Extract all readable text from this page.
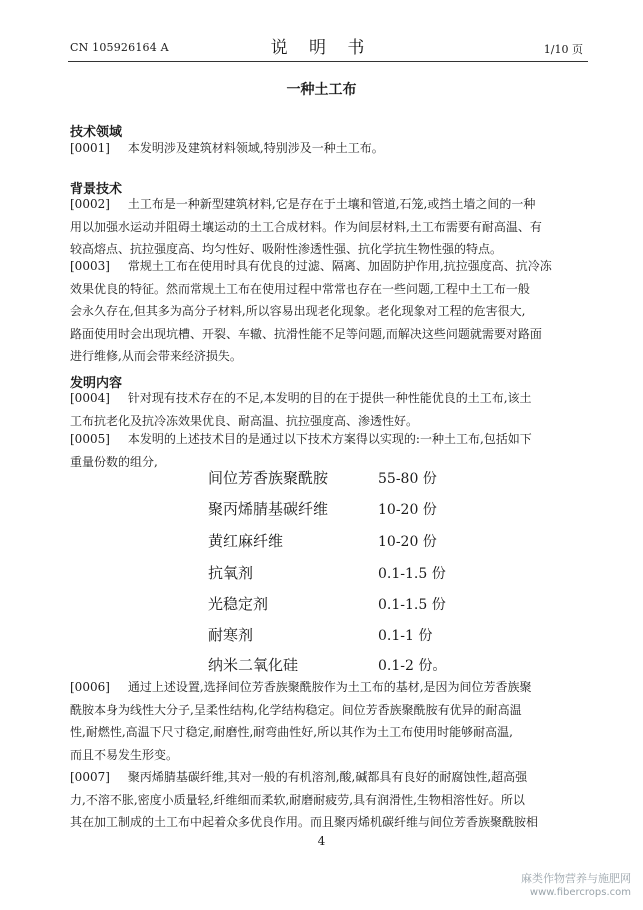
CN 105926164 A	说 明 书	1/10 页
一种土工布
技术领域
[0001] 本发明涉及建筑材料领域,特别涉及一种土工布。
背景技术
[0002] 土工布是一种新型建筑材料,它是存在于土壤和管道,石笼,或挡土墙之间的一种
用以加强水运动并阻碍土壤运动的土工合成材料。作为间层材料,土工布需要有耐高温、有
较高熔点、抗拉强度高、均匀性好、吸附性渗透性强、抗化学抗生物性强的特点。
[0003] 常规土工布在使用时具有优良的过滤、隔离、加固防护作用,抗拉强度高、抗冷冻
效果优良的特征。然而常规土工布在使用过程中常常也存在一些问题,工程中土工布一般
会永久存在,但其多为高分子材料,所以容易出现老化现象。老化现象对工程的危害很大,
路面使用时会出现坑槽、开裂、车辙、抗滑性能不足等问题,而解决这些问题就需要对路面
进行维修,从而会带来经济损失。
发明内容
[0004] 针对现有技术存在的不足,本发明的目的在于提供一种性能优良的土工布,该土
工布抗老化及抗冷冻效果优良、耐高温、抗拉强度高、渗透性好。
[0005] 本发明的上述技术目的是通过以下技术方案得以实现的:一种土工布,包括如下
重量份数的组分,
间位芳香族聚酰胺	55-80 份
聚丙烯腈基碳纤维	10-20 份
黄红麻纤维	10-20 份
抗氧剂	0.1-1.5 份
光稳定剂	0.1-1.5 份
耐寒剂	0.1-1 份
纳米二氧化硅	0.1-2 份。
[0006] 通过上述设置,选择间位芳香族聚酰胺作为土工布的基材,是因为间位芳香族聚
酰胺本身为线性大分子,呈柔性结构,化学结构稳定。间位芳香族聚酰胺有优异的耐高温
性,耐燃性,高温下尺寸稳定,耐磨性,耐弯曲性好,所以其作为土工布使用时能够耐高温,
而且不易发生形变。
[0007] 聚丙烯腈基碳纤维,其对一般的有机溶剂,酸,碱都具有良好的耐腐蚀性,超高强
力,不溶不胀,密度小质量轻,纤维细而柔软,耐磨耐疲劳,具有润滑性,生物相溶性好。所以
其在加工制成的土工布中起着众多优良作用。而且聚丙烯机碳纤维与间位芳香族聚酰胺相
4
麻类作物营养与施肥网
www.fibercrops.com
